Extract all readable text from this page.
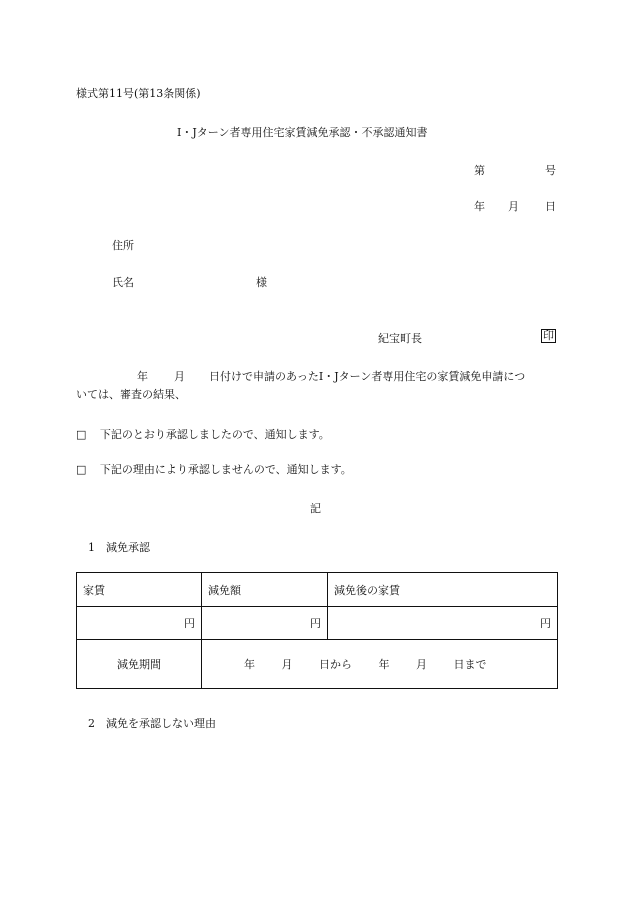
様式第11号(第13条関係)
I・Jターン者専用住宅家賃減免承認・不承認通知書
第	号
年 月 日
住所
氏名	様
紀宝町長	印
年 月 日付けで申請のあったI・Jターン者専用住宅の家賃減免申請につ
いては、審査の結果、
□ 下記のとおり承認しましたので、通知します。
□ 下記の理由により承認しませんので、通知します。
記
1　減免承認
家賃	減免額	減免後の家賃
円	円	円
減免期間	年 月 日から 年 月 日まで	
2　減免を承認しない理由
